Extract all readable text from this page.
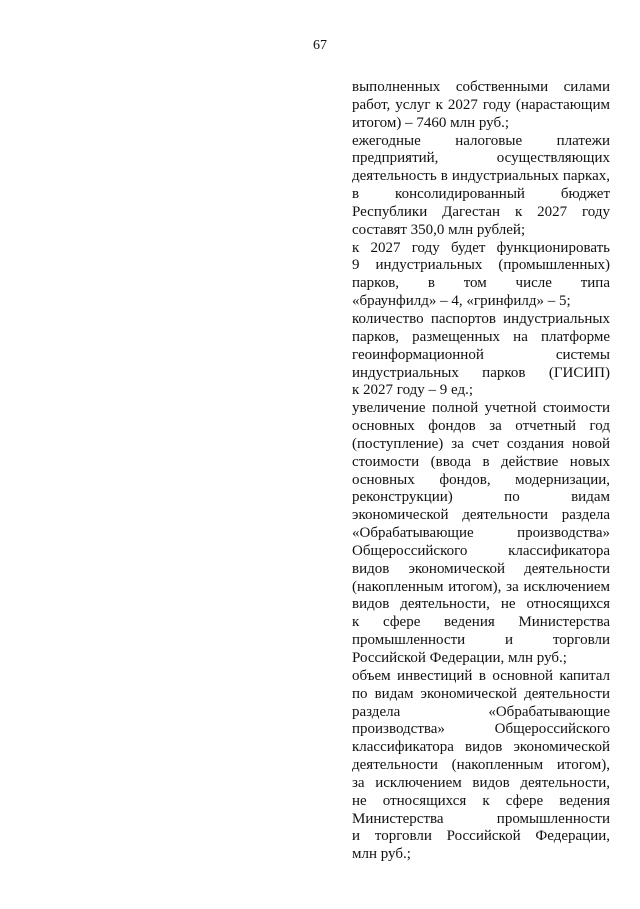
67
выполненных собственными силами
работ, услуг к 2027 году (нарастающим
итогом) – 7460 млн руб.;
ежегодные налоговые платежи
предприятий, осуществляющих
деятельность в индустриальных парках,
в консолидированный бюджет
Республики Дагестан к 2027 году
составят 350,0 млн рублей;
к 2027 году будет функционировать
9 индустриальных (промышленных)
парков, в том числе типа
«браунфилд» – 4, «гринфилд» – 5;
количество паспортов индустриальных
парков, размещенных на платформе
геоинформационной системы
индустриальных парков (ГИСИП)
к 2027 году – 9 ед.;
увеличение полной учетной стоимости
основных фондов за отчетный год
(поступление) за счет создания новой
стоимости (ввода в действие новых
основных фондов, модернизации,
реконструкции) по видам
экономической деятельности раздела
«Обрабатывающие производства»
Общероссийского классификатора
видов экономической деятельности
(накопленным итогом), за исключением
видов деятельности, не относящихся
к сфере ведения Министерства
промышленности и торговли
Российской Федерации, млн руб.;
объем инвестиций в основной капитал
по видам экономической деятельности
раздела «Обрабатывающие
производства» Общероссийского
классификатора видов экономической
деятельности (накопленным итогом),
за исключением видов деятельности,
не относящихся к сфере ведения
Министерства промышленности
и торговли Российской Федерации,
млн руб.;
